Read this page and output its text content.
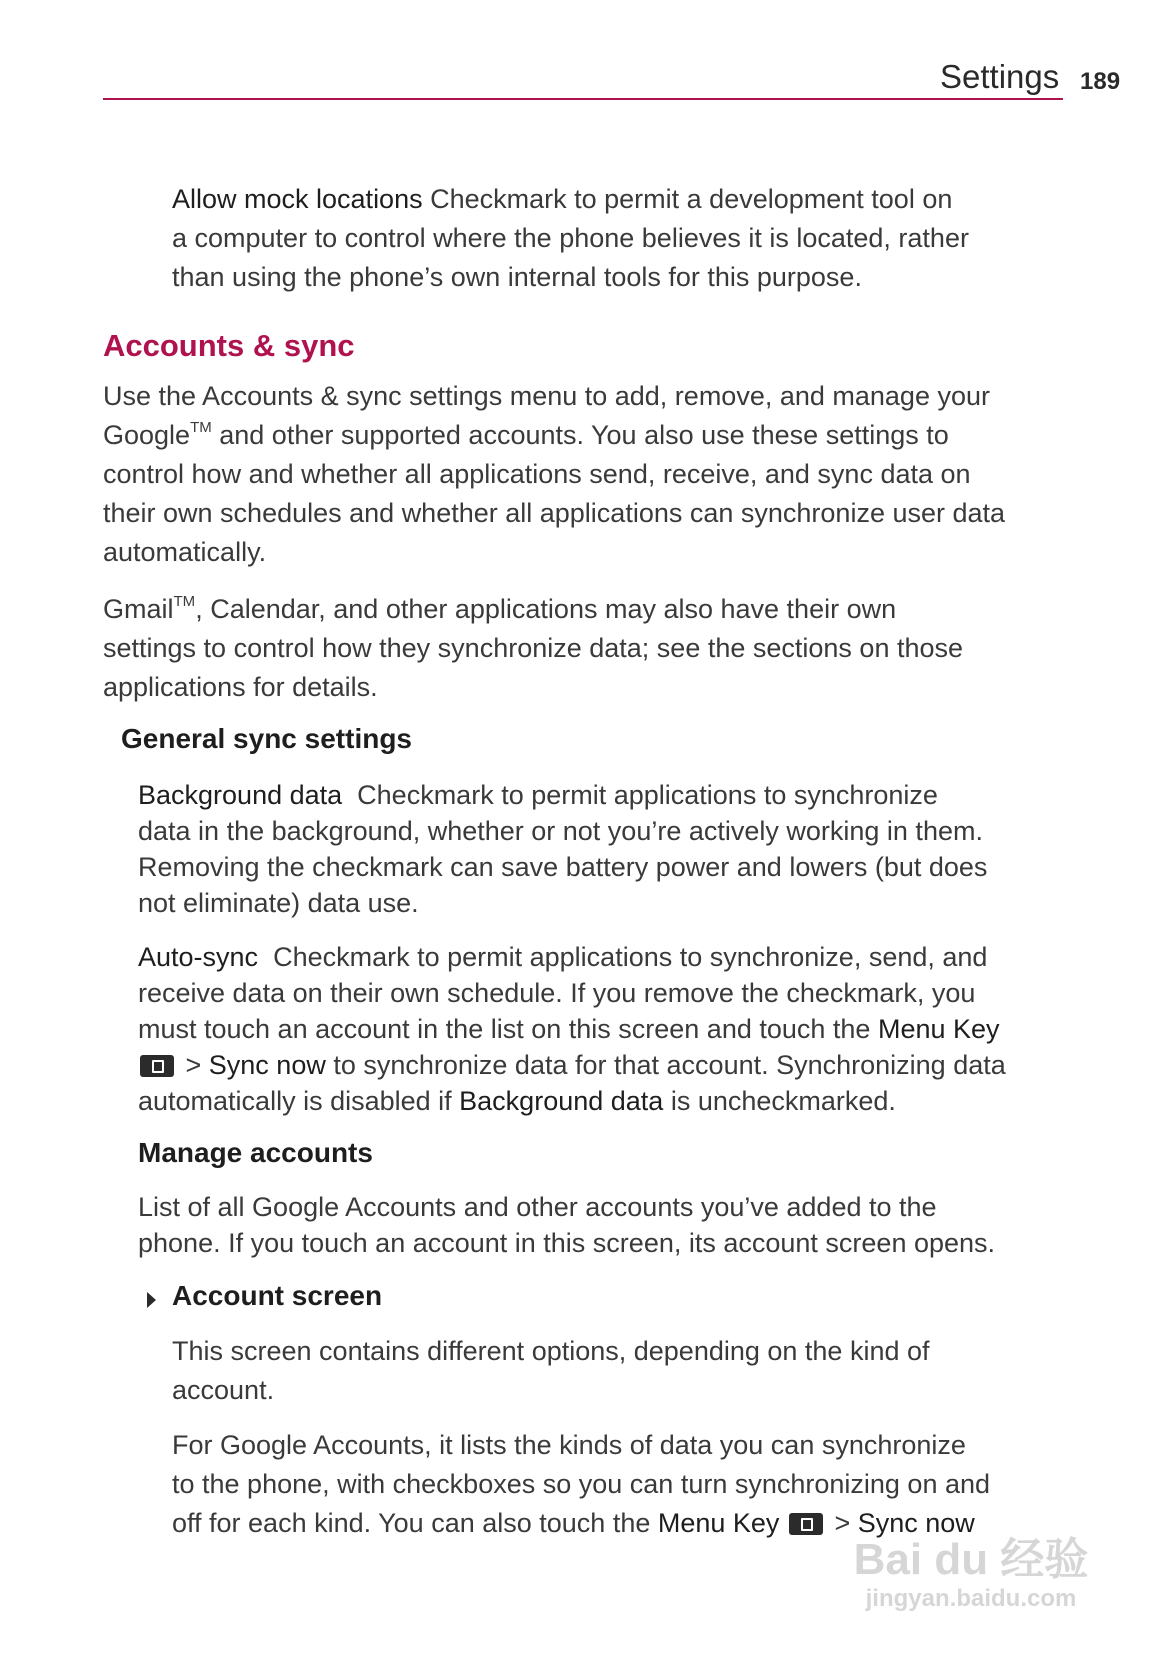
Settings 189

Allow mock locations Checkmark to permit a development tool on
a computer to control where the phone believes it is located, rather
than using the phone’s own internal tools for this purpose.

Accounts & sync

Use the Accounts & sync settings menu to add, remove, and manage your
Google™ and other supported accounts. You also use these settings to
control how and whether all applications send, receive, and sync data on
their own schedules and whether all applications can synchronize user data
automatically.

Gmail™, Calendar, and other applications may also have their own
settings to control how they synchronize data; see the sections on those
applications for details.

General sync settings

Background data  Checkmark to permit applications to synchronize
data in the background, whether or not you’re actively working in them.
Removing the checkmark can save battery power and lowers (but does
not eliminate) data use.

Auto-sync  Checkmark to permit applications to synchronize, send, and
receive data on their own schedule. If you remove the checkmark, you
must touch an account in the list on this screen and touch the Menu Key
> Sync now to synchronize data for that account. Synchronizing data
automatically is disabled if Background data is uncheckmarked.

Manage accounts

List of all Google Accounts and other accounts you’ve added to the
phone. If you touch an account in this screen, its account screen opens.

Account screen

This screen contains different options, depending on the kind of
account.

For Google Accounts, it lists the kinds of data you can synchronize
to the phone, with checkboxes so you can turn synchronizing on and
off for each kind. You can also touch the Menu Key  > Sync now

Bai du 经验
jingyan.baidu.com
